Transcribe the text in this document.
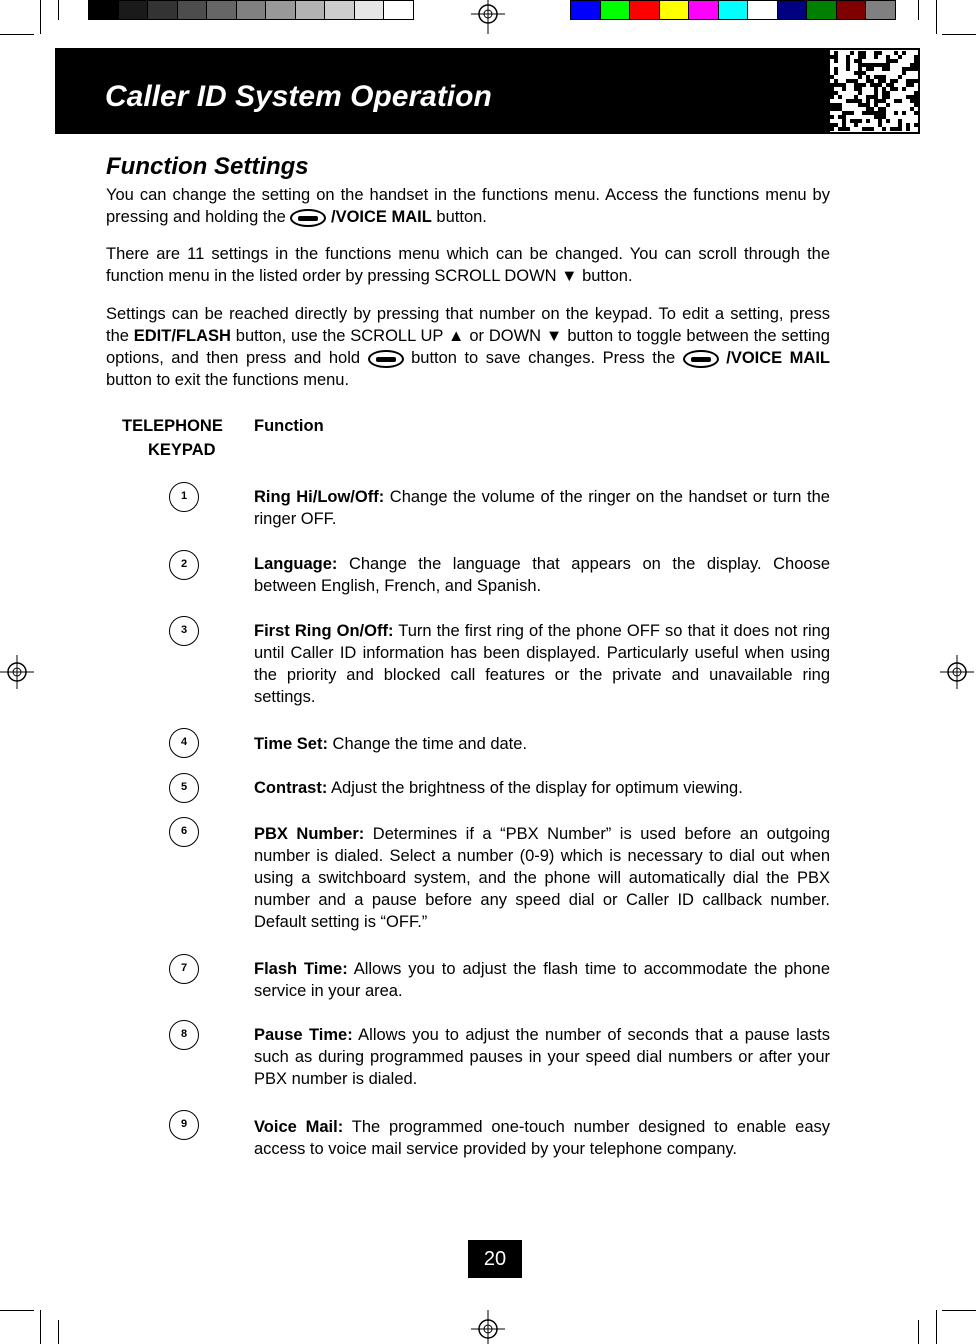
Caller ID System Operation
Function Settings
You can change the setting on the handset in the functions menu. Access the functions menu by pressing and holding the	/VOICE MAIL button.
There are 11 settings in the functions menu which can be changed. You can scroll through the function menu in the listed order by pressing SCROLL DOWN ▼ button.
Settings can be reached directly by pressing that number on the keypad. To edit a setting, press the EDIT/FLASH button, use the SCROLL UP ▲ or DOWN ▼ button to toggle between the setting options, and then press and hold	button to save changes. Press the	/VOICE MAIL button to exit the functions menu.
TELEPHONE
KEYPAD
Function
1	Ring Hi/Low/Off: Change the volume of the ringer on the handset or turn the ringer OFF.
2	Language: Change the language that appears on the display. Choose between English, French, and Spanish.
3	First Ring On/Off: Turn the first ring of the phone OFF so that it does not ring until Caller ID information has been displayed. Particularly useful when using the priority and blocked call features or the private and unavailable ring settings.
4	Time Set: Change the time and date.
5	Contrast: Adjust the brightness of the display for optimum viewing.
6	PBX Number: Determines if a “PBX Number” is used before an outgoing number is dialed. Select a number (0-9) which is necessary to dial out when using a switchboard system, and the phone will automatically dial the PBX number and a pause before any speed dial or Caller ID callback number. Default setting is “OFF.”
7	Flash Time: Allows you to adjust the flash time to accommodate the phone service in your area.
8	Pause Time: Allows you to adjust the number of seconds that a pause lasts such as during programmed pauses in your speed dial numbers or after your PBX number is dialed.
9	Voice Mail: The programmed one-touch number designed to enable easy access to voice mail service provided by your telephone company.
20
